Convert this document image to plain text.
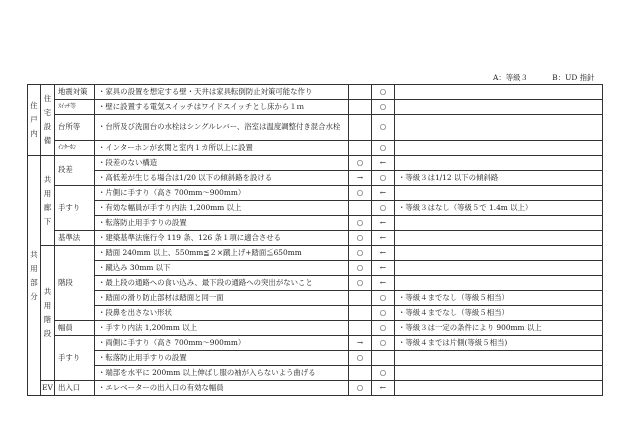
A：等級３	B：UD 指針
住戸内	住宅設備	地震対策	・家具の設置を想定する壁・天井は家具転倒防止対策可能な作り		○	
		ｽｲｯﾁ等	・壁に設置する電気スイッチはワイドスイッチとし床から１ｍ		○	
		台所等	・台所及び洗面台の水栓はシングルレバー、浴室は温度調整付き混合水栓		○	
		ｲﾝﾀｰﾎﾝ	・インターホンが玄関と室内１カ所以上に設置		○	
共用部分	共用廊下	段差	・段差のない構造	○	←	
			・高低差が生じる場合は1/20 以下の傾斜路を設ける	→	○	・等級３は1/12 以下の傾斜路
		手すり	・片側に手すり（高さ 700mm～900mm）	○	←	
			・有効な幅員が手すり内法 1,200mm 以上		○	・等級３はなし（等級５で 1.4m 以上）
			・転落防止用手すりの設置	○	←	
		基準法	・建築基準法施行令 119 条、126 条１項に適合させる	○	←	
	共用階段	階段	・踏面 240mm 以上、550mm≦２×蹴上げ+踏面≦650mm	○	←	
			・蹴込み 30mm 以下	○	←	
			・最上段の通路への食い込み、最下段の通路への突出がないこと	○	←	
			・踏面の滑り防止部材は踏面と同一面		○	・等級４までなし（等級５相当）
			・段鼻を出さない形状		○	・等級４までなし（等級５相当）
		幅員	・手すり内法 1,200mm 以上		○	・等級３は一定の条件により 900mm 以上
		手すり	・両側に手すり（高さ 700mm～900mm）	→	○	・等級４までは片側(等級５相当)
			・転落防止用手すりの設置	○		
			・端部を水平に 200mm 以上伸ばし服の袖が入らないよう曲げる		○	
	EV	出入口	・エレベーターの出入口の有効な幅員	○	←	
